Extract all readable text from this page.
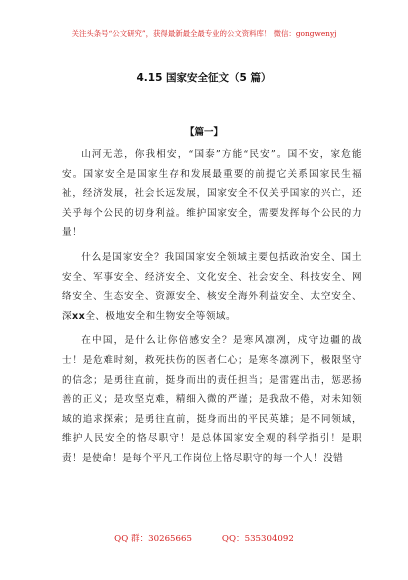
关注头条号“公文研究”，获得最新最全最专业的公文资料库！ 微信：gongwenyj
4.15 国家安全征文（5 篇）
【篇一】

山河无恙，你我相安，“国泰”方能“民安”。国不安，家危能安。国家安全是国家生存和发展最重要的前提它关系国家民生福祉，经济发展，社会长远发展，国家安全不仅关乎国家的兴亡，还关乎每个公民的切身利益。维护国家安全，需要发挥每个公民的力量！

什么是国家安全？我国国家安全领域主要包括政治安全、国土安全、军事安全、经济安全、文化安全、社会安全、科技安全、网络安全、生态安全、资源安全、核安全海外利益安全、太空安全、深xx全、极地安全和生物安全等领域。

在中国，是什么让你倍感安全？是寒风凛冽，戍守边疆的战士！是危难时刻，救死扶伤的医者仁心；是寒冬凛冽下，极限坚守的信念；是勇往直前，挺身而出的责任担当；是雷霆出击，惩恶扬善的正义；是攻坚克难，精细入微的严谨；是我敌不倦，对未知领域的追求探索；是勇往直前，挺身而出的平民英雄；是不同领域，维护人民安全的恪尽职守！是总体国家安全观的科学指引！是职责！是使命！是每个平凡工作岗位上恪尽职守的每一个人！没错

QQ 群：30265665	QQ：535304092
